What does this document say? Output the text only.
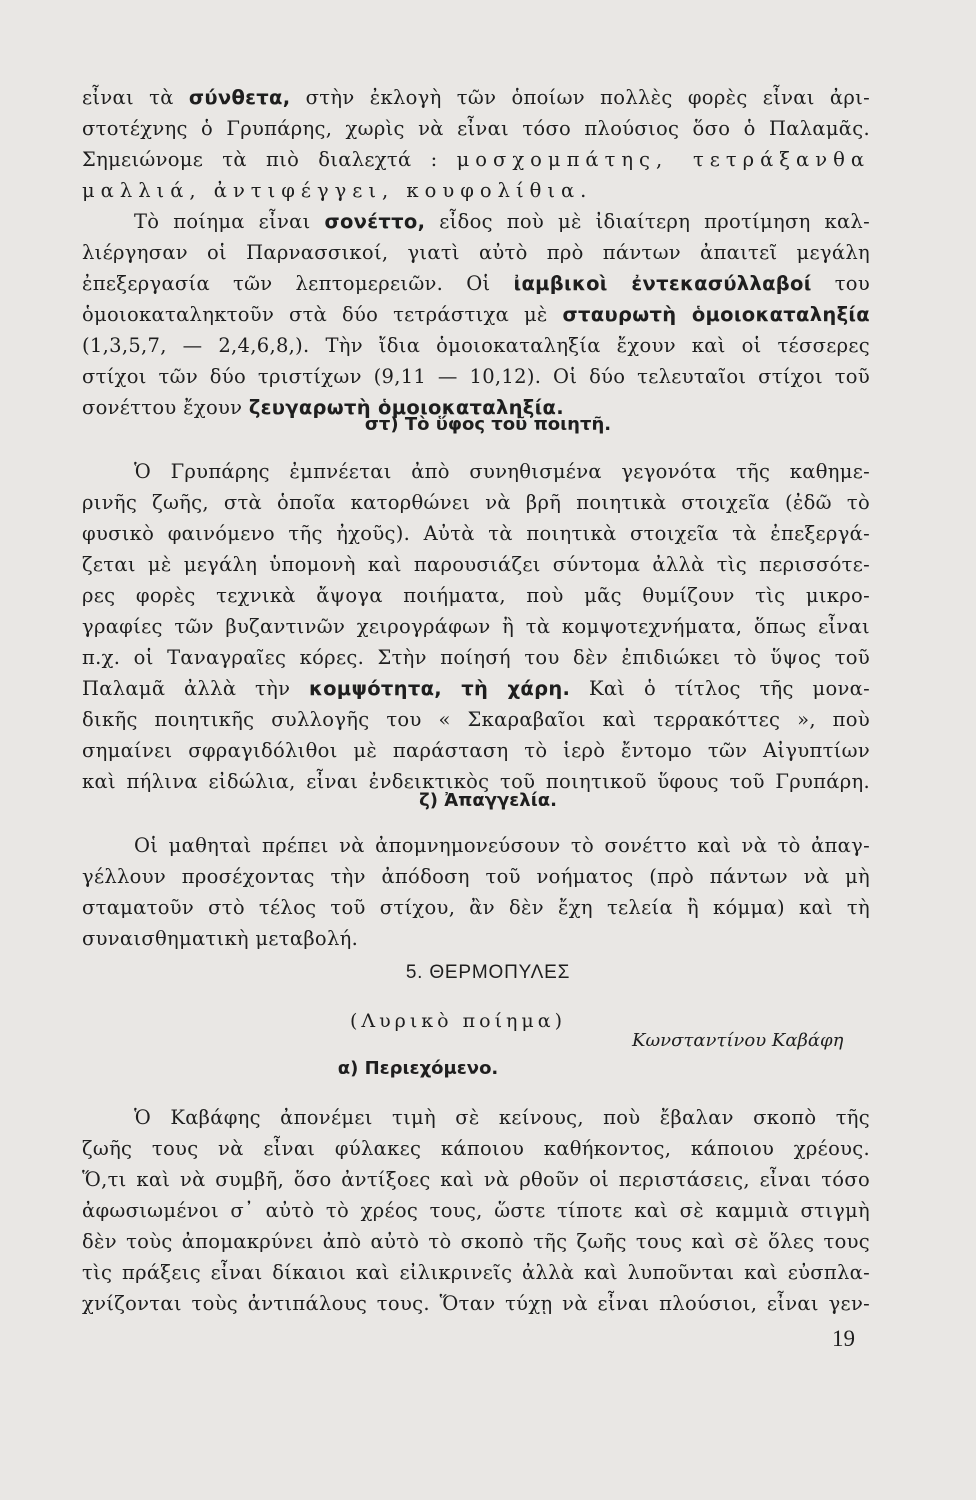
εἶναι τὰ σύνθετα, στὴν ἐκλογὴ τῶν ὁποίων πολλὲς φορὲς εἶναι ἀρι-
στοτέχνης ὁ Γρυπάρης, χωρὶς νὰ εἶναι τόσο πλούσιος ὅσο ὁ Παλαμᾶς.
Σημειώνομε τὰ πιὸ διαλεχτά : μοσχομπάτης, τετράξανθα
μαλλιά, ἀντιφέγγει, κουφολίθια.
Τὸ ποίημα εἶναι σονέττο, εἶδος ποὺ μὲ ἰδιαίτερη προτίμηση καλ-
λιέργησαν οἱ Παρνασσικοί, γιατὶ αὐτὸ πρὸ πάντων ἀπαιτεῖ μεγάλη
ἐπεξεργασία τῶν λεπτομερειῶν. Οἱ ἰαμβικοὶ ἐντεκασύλλαβοί του
ὁμοιοκαταληκτοῦν στὰ δύο τετράστιχα μὲ σταυρωτὴ ὁμοιοκαταληξία
(1,3,5,7, — 2,4,6,8,). Τὴν ἴδια ὁμοιοκαταληξία ἔχουν καὶ οἱ τέσσερες
στίχοι τῶν δύο τριστίχων (9,11 — 10,12). Οἱ δύο τελευταῖοι στίχοι τοῦ
σονέττου ἔχουν ζευγαρωτὴ ὁμοιοκαταληξία.
στ) Τὸ ὕφος τοῦ ποιητῆ.
Ὁ Γρυπάρης ἐμπνέεται ἀπὸ συνηθισμένα γεγονότα τῆς καθημε-
ρινῆς ζωῆς, στὰ ὁποῖα κατορθώνει νὰ βρῆ ποιητικὰ στοιχεῖα (ἐδῶ τὸ
φυσικὸ φαινόμενο τῆς ἠχοῦς). Αὐτὰ τὰ ποιητικὰ στοιχεῖα τὰ ἐπεξεργά-
ζεται μὲ μεγάλη ὑπομονὴ καὶ παρουσιάζει σύντομα ἀλλὰ τὶς περισσότε-
ρες φορὲς τεχνικὰ ἄψογα ποιήματα, ποὺ μᾶς θυμίζουν τὶς μικρο-
γραφίες τῶν βυζαντινῶν χειρογράφων ἢ τὰ κομψοτεχνήματα, ὅπως εἶναι
π.χ. οἱ Ταναγραῖες κόρες. Στὴν ποίησή του δὲν ἐπιδιώκει τὸ ὕψος τοῦ
Παλαμᾶ ἀλλὰ τὴν κομψότητα, τὴ χάρη. Καὶ ὁ τίτλος τῆς μονα-
δικῆς ποιητικῆς συλλογῆς του « Σκαραβαῖοι καὶ τερρακόττες », ποὺ
σημαίνει σφραγιδόλιθοι μὲ παράσταση τὸ ἱερὸ ἔντομο τῶν Αἰγυπτίων
καὶ πήλινα εἰδώλια, εἶναι ἐνδεικτικὸς τοῦ ποιητικοῦ ὕφους τοῦ Γρυπάρη.
ζ) Ἀπαγγελία.
Οἱ μαθηταὶ πρέπει νὰ ἀπομνημονεύσουν τὸ σονέττο καὶ νὰ τὸ ἀπαγ-
γέλλουν προσέχοντας τὴν ἀπόδοση τοῦ νοήματος (πρὸ πάντων νὰ μὴ
σταματοῦν στὸ τέλος τοῦ στίχου, ἂν δὲν ἔχη τελεία ἢ κόμμα) καὶ τὴ
συναισθηματικὴ μεταβολή.
5. ΘΕΡΜΟΠΥΛΕΣ
(Λυρικὸ ποίημα)
Κωνσταντίνου Καβάφη
α) Περιεχόμενο.
Ὁ Καβάφης ἀπονέμει τιμὴ σὲ κείνους, ποὺ ἔβαλαν σκοπὸ τῆς
ζωῆς τους νὰ εἶναι φύλακες κάποιου καθήκοντος, κάποιου χρέους.
Ὅ,τι καὶ νὰ συμβῆ, ὅσο ἀντίξοες καὶ νὰ ρθοῦν οἱ περιστάσεις, εἶναι τόσο
ἀφωσιωμένοι σ᾽ αὐτὸ τὸ χρέος τους, ὥστε τίποτε καὶ σὲ καμμιὰ στιγμὴ
δὲν τοὺς ἀπομακρύνει ἀπὸ αὐτὸ τὸ σκοπὸ τῆς ζωῆς τους καὶ σὲ ὅλες τους
τὶς πράξεις εἶναι δίκαιοι καὶ εἰλικρινεῖς ἀλλὰ καὶ λυποῦνται καὶ εὐσπλα-
χνίζονται τοὺς ἀντιπάλους τους. Ὅταν τύχῃ νὰ εἶναι πλούσιοι, εἶναι γεν-
19
